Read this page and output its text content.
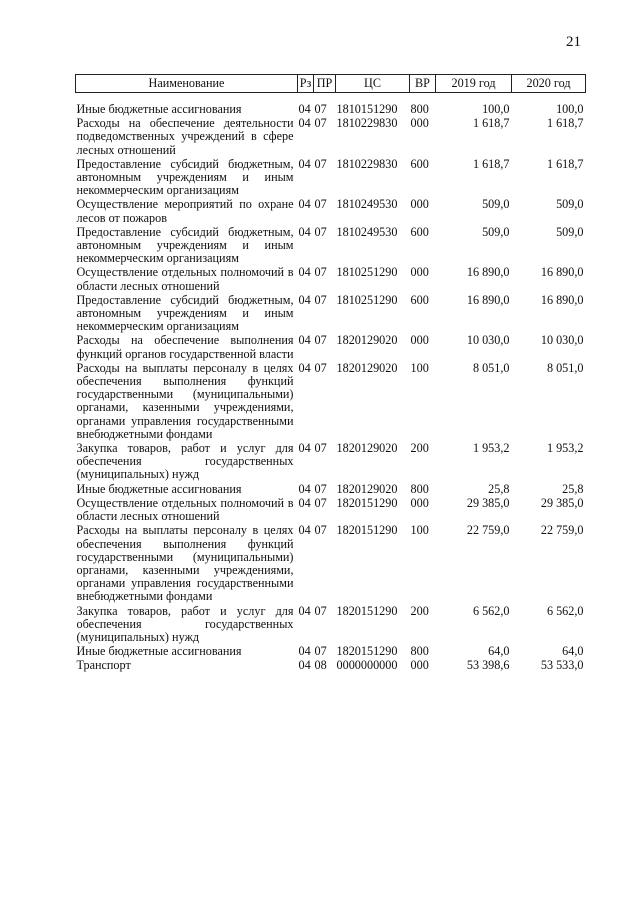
21
Наименование	Рз	ПР	ЦС	ВР	2019 год	2020 год

Иные бюджетные ассигнования	04	07	1810151290	800	100,0	100,0
Расходы на обеспечение деятельности подведомственных учреждений в сфере лесных отношений	04	07	1810229830	000	1 618,7	1 618,7
Предоставление субсидий бюджетным, автономным учреждениям и иным некоммерческим организациям	04	07	1810229830	600	1 618,7	1 618,7
Осуществление мероприятий по охране лесов от пожаров	04	07	1810249530	000	509,0	509,0
Предоставление субсидий бюджетным, автономным учреждениям и иным некоммерческим организациям	04	07	1810249530	600	509,0	509,0
Осуществление отдельных полномочий в области лесных отношений	04	07	1810251290	000	16 890,0	16 890,0
Предоставление субсидий бюджетным, автономным учреждениям и иным некоммерческим организациям	04	07	1810251290	600	16 890,0	16 890,0
Расходы на обеспечение выполнения функций органов государственной власти	04	07	1820129020	000	10 030,0	10 030,0
Расходы на выплаты персоналу в целях обеспечения выполнения функций государственными (муниципальными) органами, казенными учреждениями, органами управления государственными внебюджетными фондами	04	07	1820129020	100	8 051,0	8 051,0
Закупка товаров, работ и услуг для обеспечения государственных (муниципальных) нужд	04	07	1820129020	200	1 953,2	1 953,2
Иные бюджетные ассигнования	04	07	1820129020	800	25,8	25,8
Осуществление отдельных полномочий в области лесных отношений	04	07	1820151290	000	29 385,0	29 385,0
Расходы на выплаты персоналу в целях обеспечения выполнения функций государственными (муниципальными) органами, казенными учреждениями, органами управления государственными внебюджетными фондами	04	07	1820151290	100	22 759,0	22 759,0
Закупка товаров, работ и услуг для обеспечения государственных (муниципальных) нужд	04	07	1820151290	200	6 562,0	6 562,0
Иные бюджетные ассигнования	04	07	1820151290	800	64,0	64,0
Транспорт	04	08	0000000000	000	53 398,6	53 533,0
